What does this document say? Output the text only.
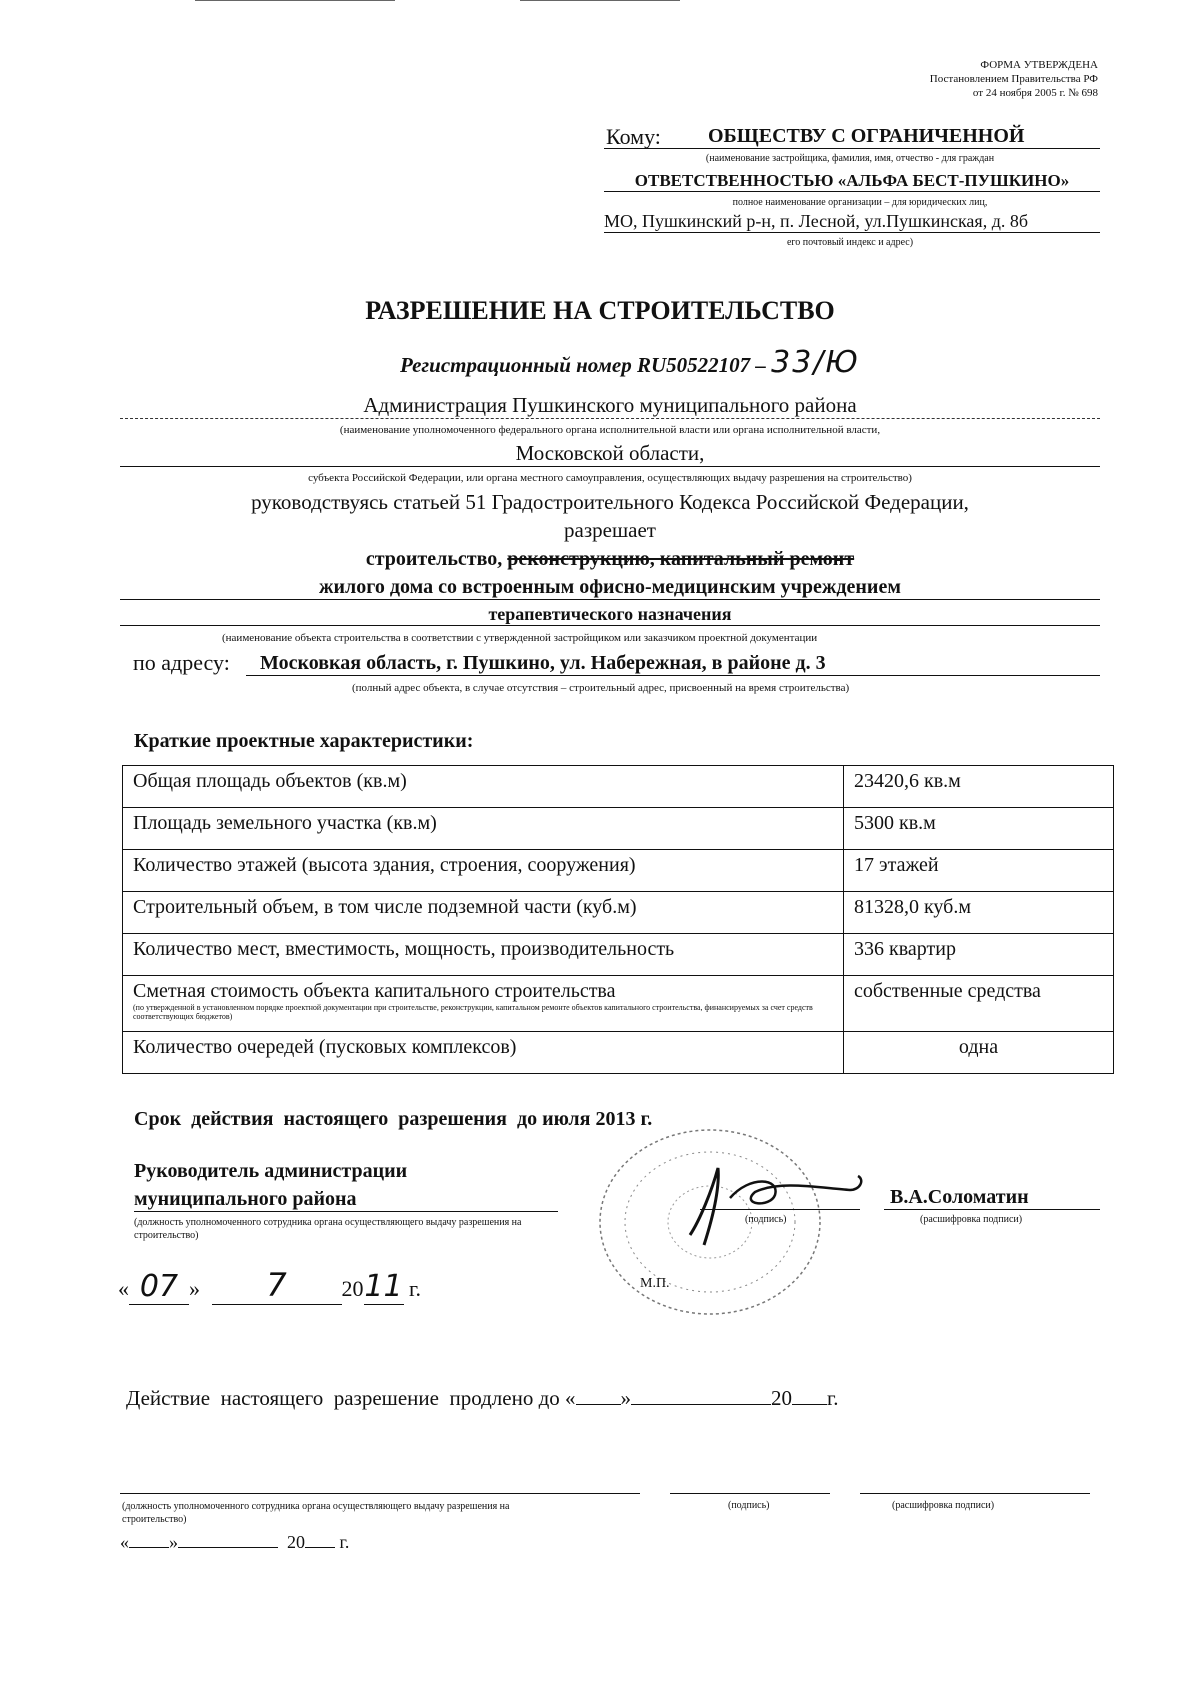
ФОРМА УТВЕРЖДЕНА
Постановлением Правительства РФ
от 24 ноября 2005 г. № 698
Кому:	ОБЩЕСТВУ С ОГРАНИЧЕННОЙ
(наименование застройщика, фамилия, имя, отчество - для граждан
ОТВЕТСТВЕННОСТЬЮ «АЛЬФА БЕСТ-ПУШКИНО»
полное наименование организации – для юридических лиц,
МО, Пушкинский р-н, п. Лесной, ул.Пушкинская, д. 8б
его почтовый индекс и адрес)
РАЗРЕШЕНИЕ НА СТРОИТЕЛЬСТВО
Регистрационный номер RU50522107 – 33/Ю
Администрация Пушкинского муниципального района
(наименование уполномоченного федерального органа исполнительной власти или органа исполнительной власти,
Московской области,
субъекта Российской Федерации, или органа местного самоуправления, осуществляющих выдачу разрешения на строительство)
руководствуясь статьей 51 Градостроительного Кодекса Российской Федерации,
разрешает
строительство, реконструкцию, капитальный ремонт
жилого дома со встроенным офисно-медицинским учреждением
терапевтического назначения
(наименование объекта строительства в соответствии с утвержденной застройщиком или заказчиком проектной документации
по адресу:	Московкая область, г. Пушкино, ул. Набережная, в районе д. 3
(полный адрес объекта, в случае отсутствия – строительный адрес, присвоенный на время строительства)
Краткие проектные характеристики:
Общая площадь объектов (кв.м)	23420,6 кв.м
Площадь земельного участка (кв.м)	5300 кв.м
Количество этажей (высота здания, строения, сооружения)	17 этажей
Строительный объем, в том числе подземной части (куб.м)	81328,0 куб.м
Количество мест, вместимость, мощность, производительность	336 квартир

Сметная стоимость объекта капитального строительства
(по утвержденной в установленном порядке проектной документации при строительстве, реконструкции, капитальном ремонте объектов капитального строительства, финансируемых за счет средств соответствующих бюджетов)	собственные средства
Количество очередей (пусковых комплексов)	одна
Срок  действия  настоящего  разрешения  до июля 2013 г.
Руководитель администрации
муниципального района
(должность уполномоченного сотрудника органа осуществляющего выдачу разрешения на строительство)
(подпись)
В.А.Соломатин
(расшифровка подписи)
« 07 » 7 2011 г.	М.П.
Действие  настоящего  разрешение  продлено до « »	20 г.
(должность уполномоченного сотрудника органа осуществляющего выдачу разрешения на строительство)
(подпись)	(расшифровка подписи)
« »	20 г.
